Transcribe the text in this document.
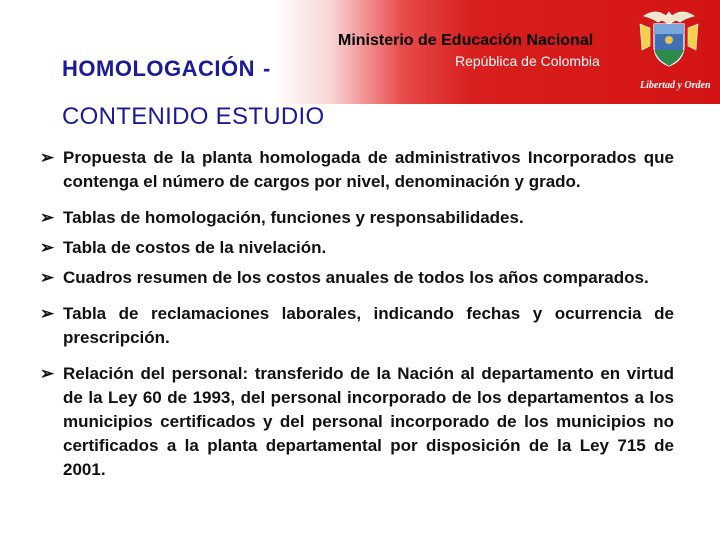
HOMOLOGACIÓN -
Ministerio de Educación Nacional
República de Colombia
Libertad y Orden
CONTENIDO ESTUDIO
➢ Propuesta de la planta homologada de administrativos Incorporados que contenga el número de cargos por nivel, denominación y grado.
➢ Tablas de homologación, funciones y responsabilidades.
➢ Tabla de costos de la nivelación.
➢ Cuadros resumen de los costos anuales de todos los años comparados.
➢ Tabla de reclamaciones laborales, indicando fechas y ocurrencia de prescripción.
➢ Relación del personal: transferido de la Nación al departamento en virtud de la Ley 60 de 1993, del personal incorporado de los departamentos a los municipios certificados y del personal incorporado de los municipios no certificados a la planta departamental por disposición de la Ley 715 de 2001.
